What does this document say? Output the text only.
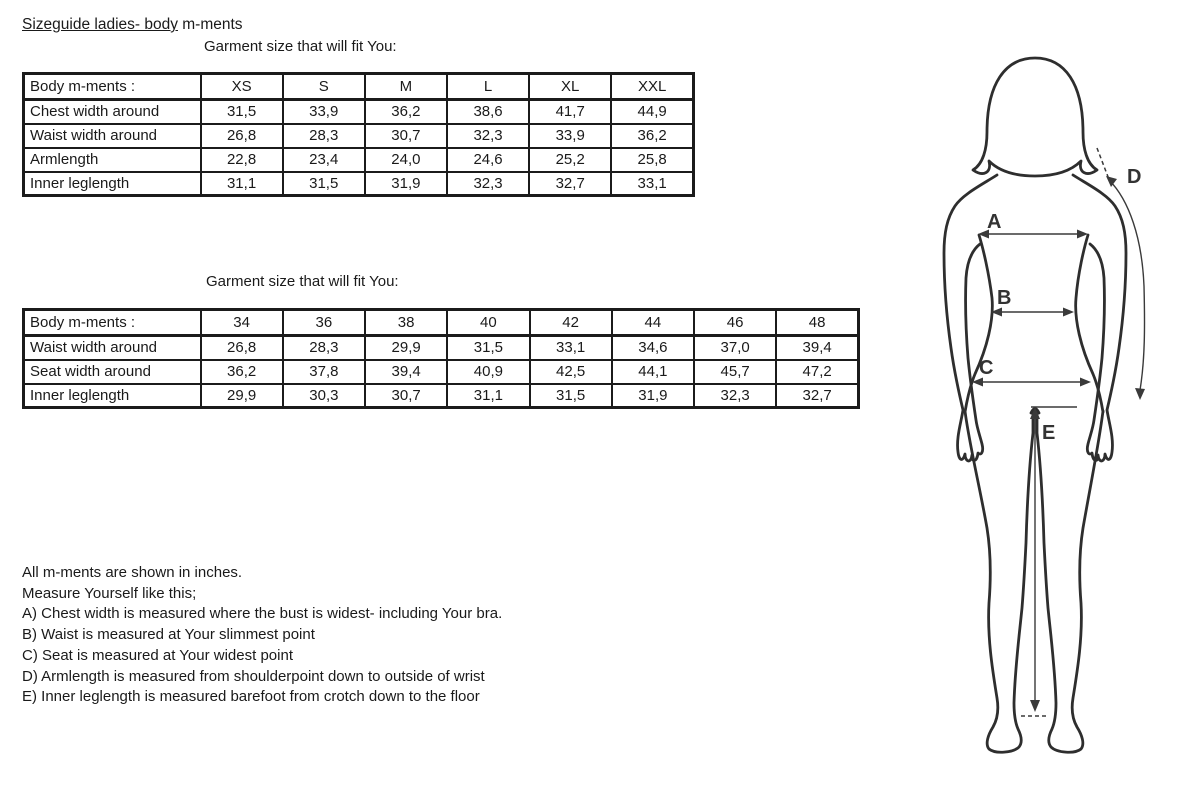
Sizeguide ladies- body m-ments
Garment size that will fit You:
Body m-ments :	XS	S	M	L	XL	XXL
Chest width around	31,5	33,9	36,2	38,6	41,7	44,9
Waist width around	26,8	28,3	30,7	32,3	33,9	36,2
Armlength	22,8	23,4	24,0	24,6	25,2	25,8
Inner leglength	31,1	31,5	31,9	32,3	32,7	33,1
Garment size that will fit You:
Body m-ments :	34	36	38	40	42	44	46	48
Waist width around	26,8	28,3	29,9	31,5	33,1	34,6	37,0	39,4
Seat width around	36,2	37,8	39,4	40,9	42,5	44,1	45,7	47,2
Inner leglength	29,9	30,3	30,7	31,1	31,5	31,9	32,3	32,7
All m-ments are shown in inches.
Measure Yourself like this;
A) Chest width is measured where the bust is widest- including Your bra.
B) Waist is measured at Your slimmest point
C) Seat is measured at Your widest point
D) Armlength is measured from shoulderpoint down to outside of wrist
E) Inner leglength is measured barefoot from crotch down to the floor
A
B
C
D
E
